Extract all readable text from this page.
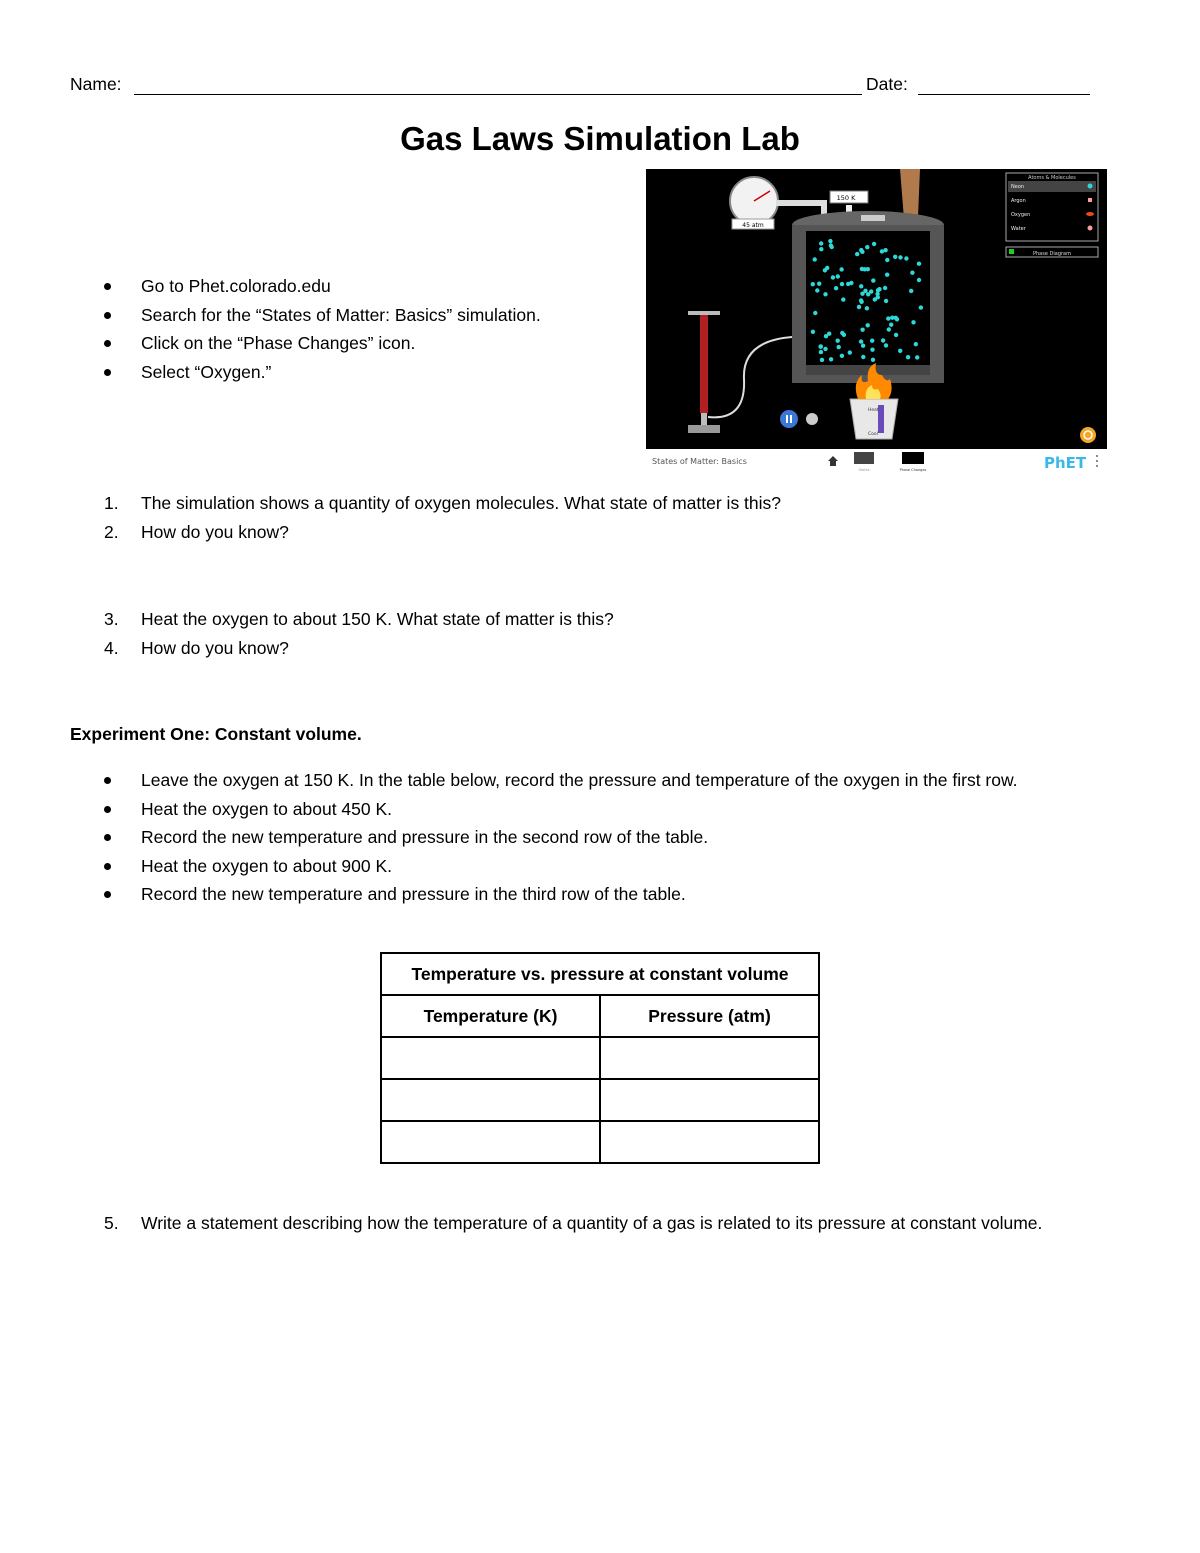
Name:	Date:
Gas Laws Simulation Lab
Go to Phet.colorado.edu
Search for the “States of Matter: Basics” simulation.
Click on the “Phase Changes” icon.
Select “Oxygen.”
45 atm
150 K
Heat
Cool
Atoms & Molecules
Neon
Argon
Oxygen
Water
Phase Diagram
States of Matter: Basics
States	Phase Changes	PhET
1. The simulation shows a quantity of oxygen molecules. What state of matter is this?
2. How do you know?
3. Heat the oxygen to about 150 K. What state of matter is this?
4. How do you know?
Experiment One: Constant volume.
Leave the oxygen at 150 K. In the table below, record the pressure and temperature of the oxygen in the first row.
Heat the oxygen to about 450 K.
Record the new temperature and pressure in the second row of the table.
Heat the oxygen to about 900 K.
Record the new temperature and pressure in the third row of the table.
Temperature vs. pressure at constant volume	
Temperature (K)	Pressure (atm)

5. Write a statement describing how the temperature of a quantity of a gas is related to its pressure at constant volume.
